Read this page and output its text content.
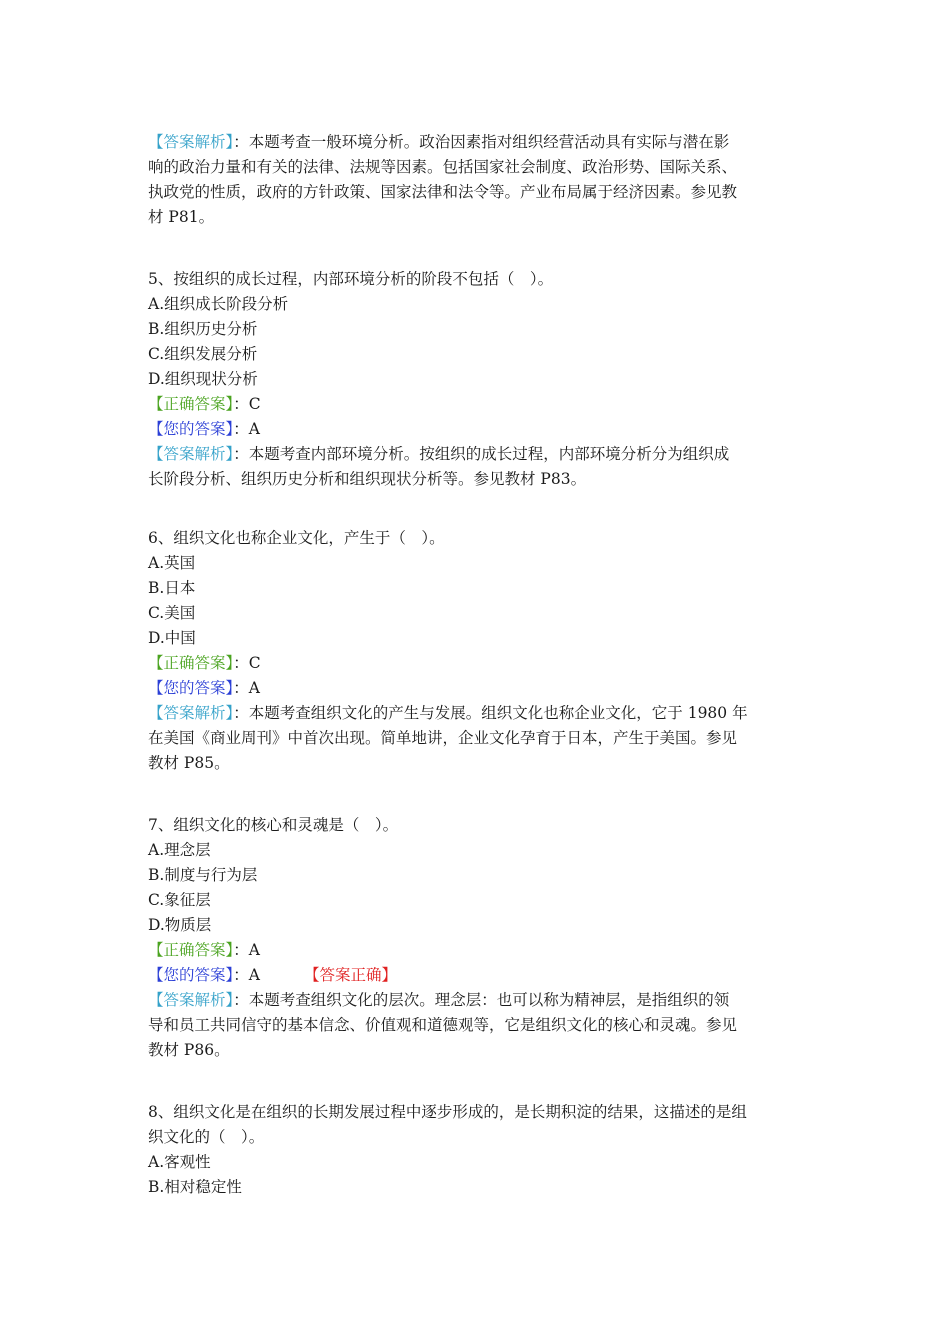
【答案解析】：本题考查一般环境分析。政治因素指对组织经营活动具有实际与潜在影
响的政治力量和有关的法律、法规等因素。包括国家社会制度、政治形势、国际关系、
执政党的性质，政府的方针政策、国家法律和法令等。产业布局属于经济因素。参见教
材 P81。
5、按组织的成长过程，内部环境分析的阶段不包括（　）。
A.组织成长阶段分析
B.组织历史分析
C.组织发展分析
D.组织现状分析
【正确答案】：C
【您的答案】：A
【答案解析】：本题考查内部环境分析。按组织的成长过程，内部环境分析分为组织成
长阶段分析、组织历史分析和组织现状分析等。参见教材 P83。
6、组织文化也称企业文化，产生于（　）。
A.英国
B.日本
C.美国
D.中国
【正确答案】：C
【您的答案】：A
【答案解析】：本题考查组织文化的产生与发展。组织文化也称企业文化，它于 1980 年
在美国《商业周刊》中首次出现。简单地讲，企业文化孕育于日本，产生于美国。参见
教材 P85。
7、组织文化的核心和灵魂是（　）。
A.理念层
B.制度与行为层
C.象征层
D.物质层
【正确答案】：A
【您的答案】：A	【答案正确】
【答案解析】：本题考查组织文化的层次。理念层：也可以称为精神层，是指组织的领
导和员工共同信守的基本信念、价值观和道德观等，它是组织文化的核心和灵魂。参见
教材 P86。
8、组织文化是在组织的长期发展过程中逐步形成的，是长期积淀的结果，这描述的是组
织文化的（　）。
A.客观性
B.相对稳定性
